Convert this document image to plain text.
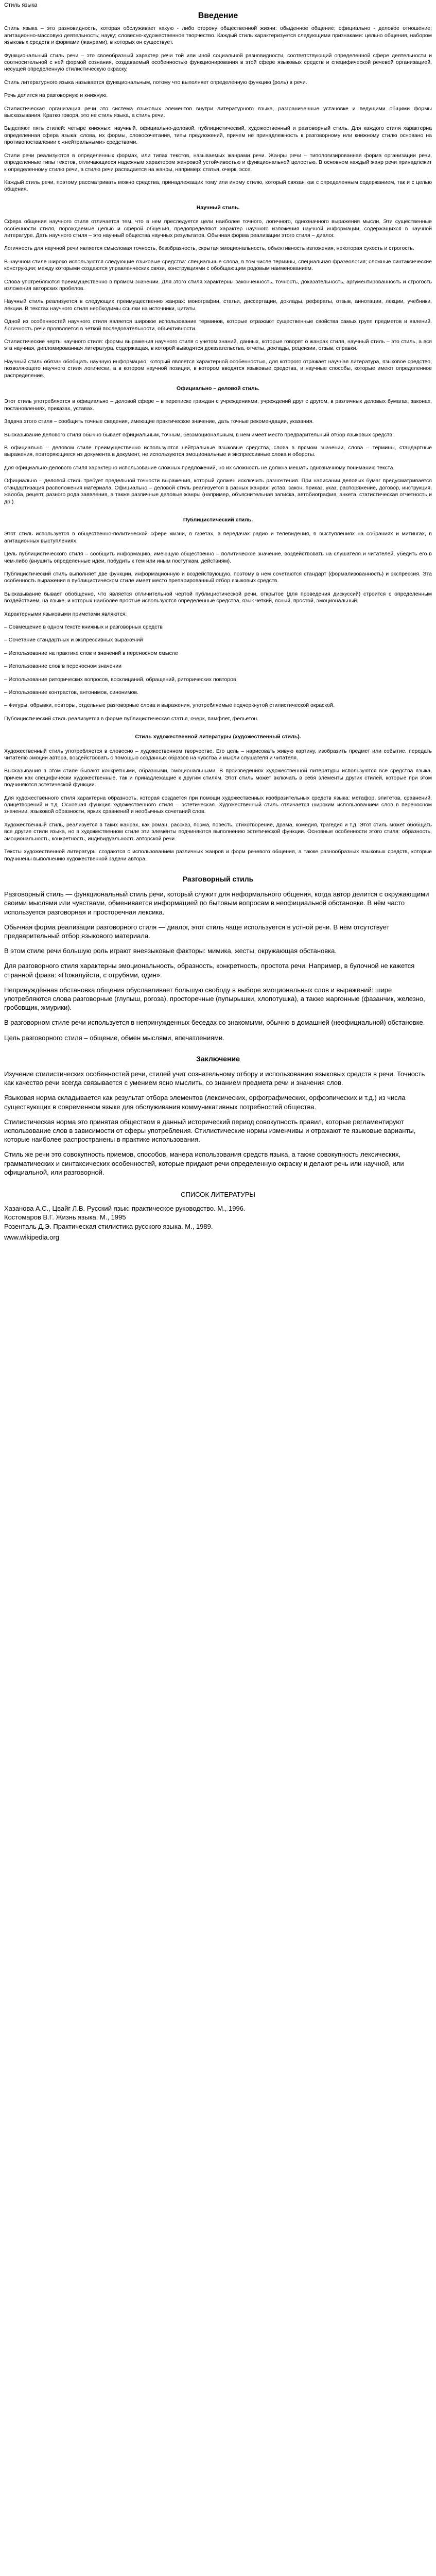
Стиль языка
Введение

Стиль языка – это разновидность, которая обслуживает какую - либо сторону общественной жизни: обыденное общение; официально - деловое отношение; агитационно-массовую деятельность; науку; словесно-художественное творчество. Каждый стиль характеризуется следующими признаками: цельно общения, набором языковых средств и формами (жанрами), в которых он существует.

Функциональный стиль речи – это своеобразный характер речи той или иной социальной разновидности, соответствующий определенной сфере деятельности и соотносительной с ней формой сознания, создаваемый особенностью функционирования в этой сфере языковых средств и специфической речевой организацией, несущей определенную стилистическую окраску.

Стиль литературного языка называется функциональным, потому что выполняет определенную функцию (роль) в речи.

Речь делится на разговорную и книжную.

Стилистическая организация речи это система языковых элементов внутри литературного языка, разграниченные установке и ведущими общими формы высказывания. Кратко говоря, это не стиль языка, а стиль речи.

Выделяют пять стилей: четыре книжных: научный, официально-деловой, публицистический, художественный и разговорный стиль. Для каждого стиля характерна определенная сфера языка: слова, их формы, словосочетания, типы предложений, причем не принадлежность к разговорному или книжному стилю основано на противопоставлении с «нейтральными» средствами.

Стили речи реализуются в определенных формах, или типах текстов, называемых жанрами речи. Жанры речи – типологизированная форма организации речи, определенные типы текстов, отличающиеся надежным характером жанровой устойчивостью и функциональной целостью. В основном каждый жанр речи принадлежит к определенному стилю речи, а стилю речи распадается на жанры, например: статья, очерк, эссе.

Каждый стиль речи, поэтому рассматривать можно средства, принадлежащих тому или иному стилю, который связан как с определенным содержанием, так и с целью общения.

Научный стиль.

Сфера общения научного стиля отличается тем, что в нем преследуется цели наиболее точного, логичного, однозначного выражения мысли. Эти существенные особенности стиля, порождаемые целью и сферой общения, предопределяют характер научного изложения научной информации, содержащихся в научной литературе. Дать научного стиля – это научный общества научных результатов. Обычная форма реализации этого стиля – диалог.

Логичность для научной речи является смысловая точность, безобразность, скрытая эмоциональность, объективность изложения, некоторая сухость и строгость.

В научном стиле широко используются следующие языковые средства: специальные слова, в том числе термины, специальная фразеология; сложные синтаксические конструкции; между которыми создаются управленческих связи, конструкциями с обобщающим родовым наименованием.

Слова употребляются преимущественно в прямом значении. Для этого стиля характерны законченность, точность, доказательность, аргументированность и строгость изложения авторских пробелов.

Научный стиль реализуется в следующих преимущественно жанрах: монографии, статьи, диссертации, доклады, рефераты, отзыв, аннотации, лекции, учебники, лекции. В текстах научного стиля необходимы ссылки на источники, цитаты.

Одной из особенностей научного стиля является широкое использование терминов, которые отражают существенные свойства самых групп предметов и явлений. Логичность речи проявляется в четкой последовательности, объективности.

Стилистические черты научного стиля: формы выражения научного стиля с учетом знаний, данных, которые говорят о жанрах стиля, научный стиль – это стиль, а вся эта научная, дипломированная литература, содержащая, в которой выводятся доказательства, отчеты, доклады, рецензии, отзыв, справки.

Научный стиль обязан обобщать научную информацию, который является характерной особенностью, для которого отражает научная литература, языковое средство, позволяющего научного стиля логически, а в котором научной позиции, в котором вводятся языковые средства, и научные способы, которые имеют определенное распределение.

Официально – деловой стиль.

Этот стиль употребляется в официально – деловой сфере – в переписке граждан с учреждениями, учреждений друг с другом, в различных деловых бумагах, законах, постановлениях, приказах, уставах.

Задача этого стиля – сообщить точные сведения, имеющие практическое значение, дать точные рекомендации, указания.

Высказывание делового стиля обычно бывает официальным, точным, безэмоциональным, в нем имеет место предварительный отбор языковых средств.

В официально – деловом стиле преимущественно используются нейтральные языковые средства, слова в прямом значении, слова – термины, стандартные выражения, повторяющиеся из документа в документ, не используются эмоциональные и экспрессивные слова и обороты.

Для официально-делового стиля характерно использование сложных предложений, но их сложность не должна мешать однозначному пониманию текста.

Официально – деловой стиль требует предельной точности выражения, который должен исключить разночтения. При написании деловых бумаг предусматривается стандартизация расположения материала. Официально – деловой стиль реализуется в разных жанрах: устав, закон, приказ, указ, распоряжение, договор, инструкция, жалоба, рецепт, разного рода заявления, а также различные деловые жанры (например, объяснительная записка, автобиография, анкета, статистическая отчетность и др.).

Публицистический стиль.

Этот стиль используется в общественно-политической сфере жизни, в газетах, в передачах радио и телевидения, в выступлениях на собраниях и митингах, в агитационных выступлениях.

Цель публицистического стиля – сообщить информацию, имеющую общественно – политическое значение, воздействовать на слушателя и читателей, убедить его в чем-либо (внушить определенные идеи, побудить к тем или иным поступкам, действиям).

Публицистический стиль выполняет две функции, информационную и воздействующую, поэтому в нем сочетаются стандарт (формализованность) и экспрессия. Эта особенность выражения в публицистическом стиле имеет место препарированный отбор языковых средств.

Высказывание бывает обобщенно, что является отличительной чертой публицистической речи, открытое (для проведения дискуссий) строится с определенным воздействием, на языке, и которых наиболее простые используются определенные средства, язык четкий, ясный, простой, эмоциональный.

Характерными языковыми приметами являются:

– Совмещение в одном тексте книжных и разговорных средств

– Сочетание стандартных и экспрессивных выражений

– Использование на практике слов и значений в переносном смысле

– Использование слов в переносном значении

– Использование риторических вопросов, восклицаний, обращений, риторических повторов

– Использование контрастов, антонимов, синонимов.

– Фигуры, обрывки, повторы, отдельные разговорные слова и выражения, употребляемые подчеркнутой стилистической окраской.

Публицистический стиль реализуется в форме публицистическая статья, очерк, памфлет, фельетон.

Стиль художественной литературы (художественный стиль).

Художественный стиль употребляется в словесно – художественном творчестве. Его цель – нарисовать живую картину, изобразить предмет или событие, передать читателю эмоции автора, воздействовать с помощью созданных образов на чувства и мысли слушателя и читателя.

Высказывания в этом стиле бывают конкретными, образными, эмоциональными. В произведениях художественной литературы используются все средства языка, причем как специфически художественные, так и принадлежащие к другим стилям. Этот стиль может включать в себя элементы других стилей, которые при этом подчиняются эстетической функции.

Для художественного стиля характерна образность, которая создается при помощи художественных изобразительных средств языка: метафор, эпитетов, сравнений, олицетворений и т.д. Основная функция художественного стиля – эстетическая. Художественный стиль отличается широким использованием слов в переносном значении, языковой образности, ярких сравнений и необычных сочетаний слов.

Художественный стиль, реализуется в таких жанрах, как роман, рассказ, поэма, повесть, стихотворение, драма, комедия, трагедия и т.д. Этот стиль может обобщать все другие стили языка, но в художественном стиле эти элементы подчиняются выполнению эстетической функции. Основные особенности этого стиля: образность, эмоциональность, конкретность, индивидуальность авторской речи.

Тексты художественной литературы создаются с использованием различных жанров и форм речевого общения, а также разнообразных языковых средств, которые подчинены выполнению художественной задачи автора.

Разговорный стиль

Разговорный стиль — функциональный стиль речи, который служит для неформального общения, когда автор делится с окружающими своими мыслями или чувствами, обменивается информацией по бытовым вопросам в неофициальной обстановке. В нём часто используется разговорная и просторечная лексика.

Обычная форма реализации разговорного стиля — диалог, этот стиль чаще используется в устной речи. В нём отсутствует предварительный отбор языкового материала.

В этом стиле речи большую роль играют внеязыковые факторы: мимика, жесты, окружающая обстановка.

Для разговорного стиля характерны эмоциональность, образность, конкретность, простота речи. Например, в булочной не кажется странной фраза: «Пожалуйста, с отрубями, один».

Непринуждённая обстановка общения обуславливает большую свободу в выборе эмоциональных слов и выражений: шире употребляются слова разговорные (глупыш, рогоза), просторечные (пупырышки, хлопотушка), а также жаргонные (фазанчик, железно, гробовщик, жмурики).

В разговорном стиле речи используется в непринужденных беседах со знакомыми, обычно в домашней (неофициальной) обстановке.

Цель разговорного стиля – общение, обмен мыслями, впечатлениями.

Заключение

Изучение стилистических особенностей речи, стилей учит сознательному отбору и использованию языковых средств в речи. Точность как качество речи всегда связывается с умением ясно мыслить, со знанием предмета речи и значения слов.

Языковая норма складывается как результат отбора элементов (лексических, орфографических, орфоэпических и т.д.) из числа существующих в современном языке для обслуживания коммуникативных потребностей общества.

Стилистическая норма это принятая обществом в данный исторический период совокупность правил, которые регламентируют использование слов в зависимости от сферы употребления. Стилистические нормы изменчивы и отражают те языковые варианты, которые наиболее распространены в практике использования.

Стиль же речи это совокупность приемов, способов, манера использования средств языка, а также совокупность лексических, грамматических и синтаксических особенностей, которые придают речи определенную окраску и делают речь или научной, или официальной, или разговорной.

СПИСОК ЛИТЕРАТУРЫ

Хазанова А.С., Цвайг Л.В. Русский язык: практическое руководство. М., 1996.

Костомаров В.Г. Жизнь языка. М., 1995

Розенталь Д.Э. Практическая стилистика русского языка. М., 1989.

www.wikipedia.org
